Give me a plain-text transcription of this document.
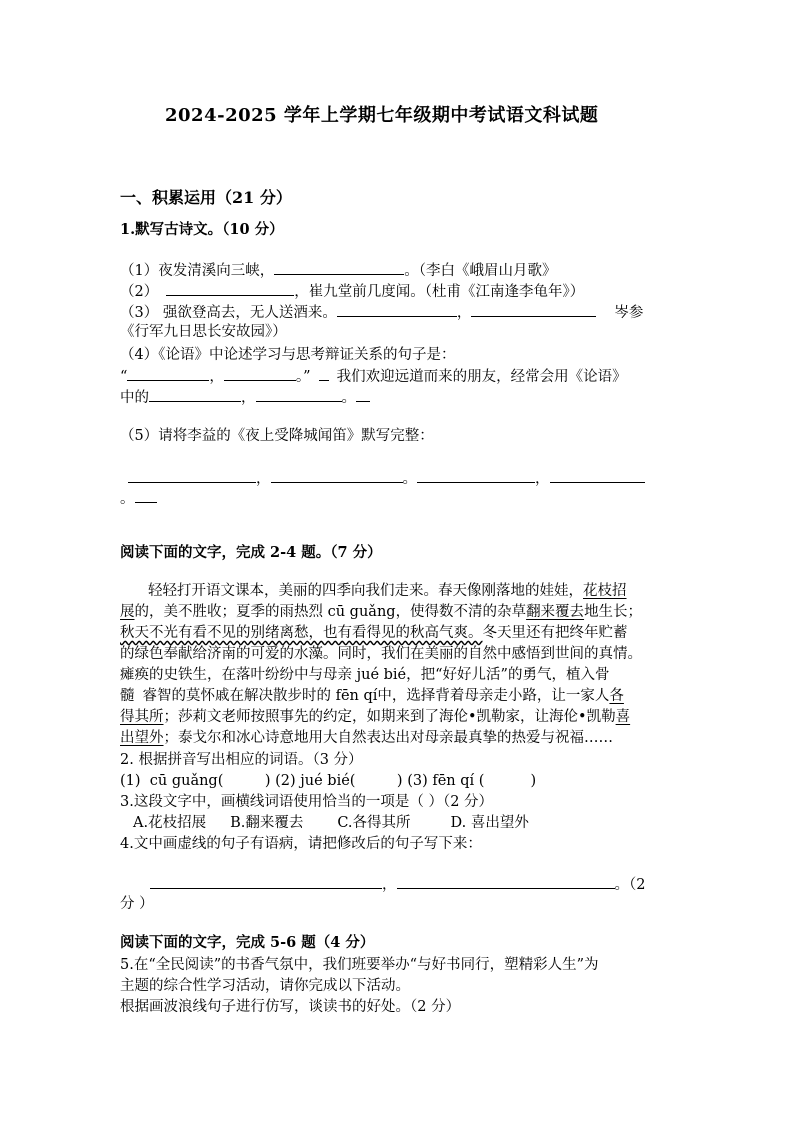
2024-2025 学年上学期七年级期中考试语文科试题
一、积累运用（21 分）
1.默写古诗文。（10 分）
（1）夜发清溪向三峡，	。（李白《峨眉山月歌》
（2）	，崔九堂前几度闻。（杜甫《江南逢李龟年》）
（3） 强欲登高去，无人送酒来。	，	岑参
《行军九日思长安故园》）
（4）《论语》中论述学习与思考辩证关系的句子是：
“	，	。” 我们欢迎远道而来的朋友，经常会用《论语》
中的	，	。
（5）请将李益的《夜上受降城闻笛》默写完整：
，	。	，
。
阅读下面的文字，完成 2-4 题。（7 分）
轻轻打开语文课本，美丽的四季向我们走来。春天像刚落地的娃娃，花枝招
展的，美不胜收；夏季的雨热烈 cū guǎng，使得数不清的杂草翻来覆去地生长；
秋天不光有看不见的别绪离愁，也有看得见的秋高气爽。冬天里还有把终年贮蓄
的绿色奉献给济南的可爱的水藻。同时，我们在美丽的自然中感悟到世间的真情。
瘫痪的史铁生，在落叶纷纷中与母亲 jué bié，把“好好儿活”的勇气，植入骨
髓 睿智的莫怀戚在解决散步时的 fēn qí中，选择背着母亲走小路，让一家人各
得其所；莎莉文老师按照事先的约定，如期来到了海伦•凯勒家，让海伦•凯勒喜
出望外；泰戈尔和冰心诗意地用大自然表达出对母亲最真挚的热爱与祝福……
2. 根据拼音写出相应的词语。（3 分）
(1)  cū guǎng(         ) (2) jué bié(         ) (3) fēn qí (          )
3.这段文字中，画横线词语使用恰当的一项是（ ）（2 分）
A.花枝招展 B.翻来覆去 C.各得其所	D. 喜出望外
4.文中画虚线的句子有语病，请把修改后的句子写下来：
，	。（2
分 ）
阅读下面的文字，完成 5-6 题（4 分）
5.在“全民阅读”的书香气氛中，我们班要举办“与好书同行，塑精彩人生”为
主题的综合性学习活动，请你完成以下活动。
根据画波浪线句子进行仿写，谈读书的好处。（2 分）
